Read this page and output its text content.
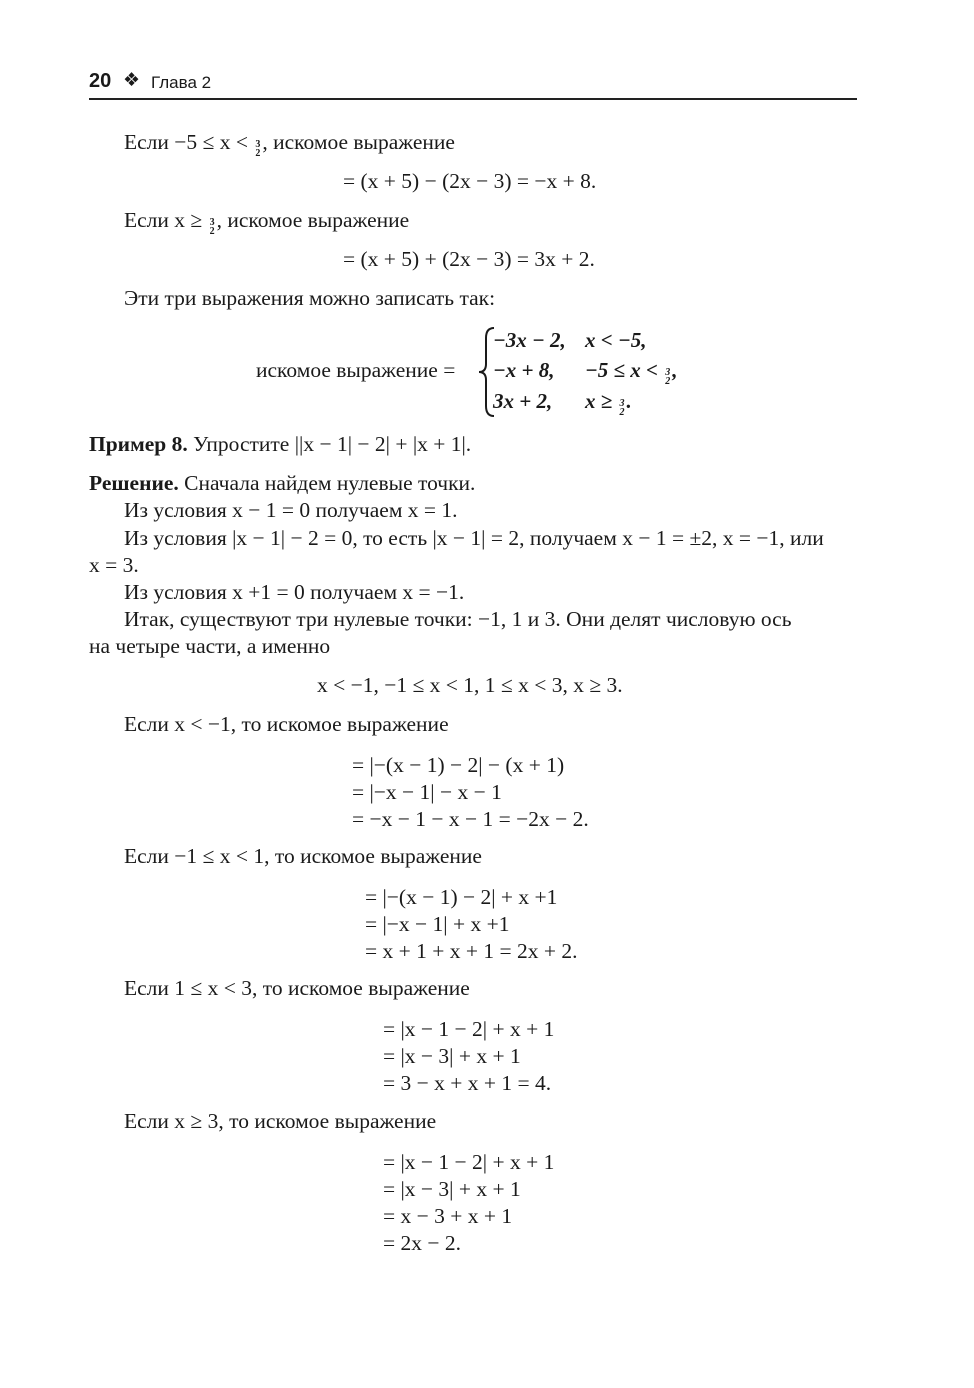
20 ❖ Глава 2
Если −5 ≤ x < 3
2 , искомое выражение
= (x + 5) − (2x − 3) = −x + 8.
Если x ≥ 3
2 , искомое выражение
= (x + 5) + (2x − 3) = 3x + 2.
Эти три выражения можно записать так:
искомое выражение =
−3x − 2, x < −5,
−x + 8, −5 ≤ x < 3
2 ,
3x + 2, x ≥ 3
2 .
Пример 8. Упростите ||x − 1| − 2| + |x + 1|.
Решение. Сначала найдем нулевые точки.
Из условия x − 1 = 0 получаем x = 1.
Из условия |x − 1| − 2 = 0, то есть |x − 1| = 2, получаем x − 1 = ±2, x = −1, или
x = 3.
Из условия x +1 = 0 получаем x = −1.
Итак, существуют три нулевые точки: −1, 1 и 3. Они делят числовую ось
на четыре части, а именно
x < −1, −1 ≤ x < 1, 1 ≤ x < 3, x ≥ 3.
Если x < −1, то искомое выражение
= |−(x − 1) − 2| − (x + 1)
= |−x − 1| − x − 1
= −x − 1 − x − 1 = −2x − 2.
Если −1 ≤ x < 1, то искомое выражение
= |−(x − 1) − 2| + x +1
= |−x − 1| + x +1
= x + 1 + x + 1 = 2x + 2.
Если 1 ≤ x < 3, то искомое выражение
= |x − 1 − 2| + x + 1
= |x − 3| + x + 1
= 3 − x + x + 1 = 4.
Если x ≥ 3, то искомое выражение
= |x − 1 − 2| + x + 1
= |x − 3| + x + 1
= x − 3 + x + 1
= 2x − 2.
